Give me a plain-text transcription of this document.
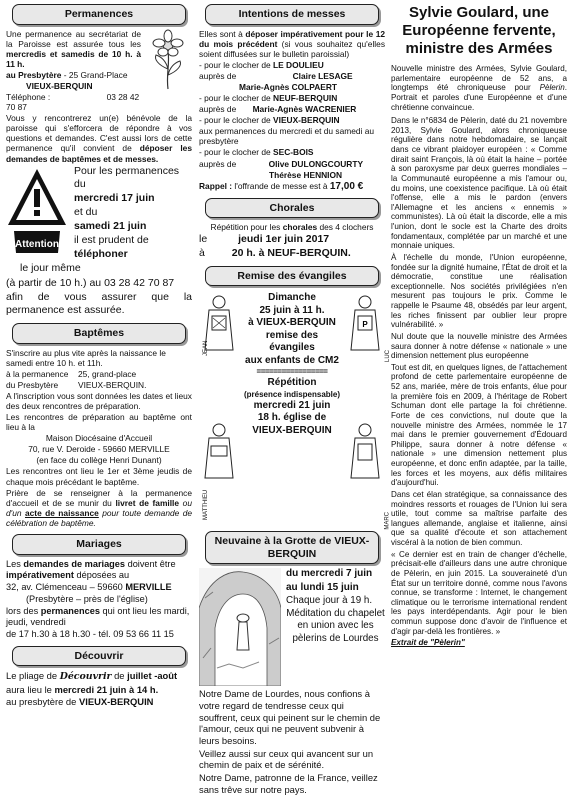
Permanences

Une permanence au secrétariat de la Paroisse est assurée tous les mercredis et samedis de 10 h. à 11 h.

au Presbytère - 25 Grand-Place

VIEUX-BERQUIN

Téléphone :	03 28 42 70 87

Vous y rencontrerez un(e) bénévole de la paroisse qui s'efforcera de répondre à vos questions et demandes. C'est aussi lors de cette permanence qu'il convient de déposer les demandes de baptêmes et de messes.

Attention

Pour les permanences du

mercredi 17 juin

et du

samedi 21 juin

il est prudent de

téléphoner

le jour même

(à partir de 10 h.) au 03 28 42 70 87

afin de vous assurer que la permanence est assurée.

Baptêmes

S'inscrire au plus vite après la naissance le samedi entre 10 h. et 11h.

à la permanence	25, grand-place

du Presbytère	VIEUX-BERQUIN.

A l'inscription vous sont données les dates et lieux des deux rencontres de préparation.

Les rencontres de préparation au baptême ont lieu à la

Maison Diocésaine d'Accueil

70, rue V. Deroide - 59660 MERVILLE

(en face du collège Henri Dunant)

Les rencontres ont lieu le 1er et 3ème jeudis de chaque mois précédant le baptême.

Prière de se renseigner à la permanence d'accueil et de se munir du livret de famille ou d'un acte de naissance pour toute demande de célébration de baptême.

Mariages

Les demandes de mariages doivent être impérativement déposées au

32, av. Clémenceau – 59660 MERVILLE

(Presbytère – près de l'église)

lors des permanences qui ont lieu les mardi, jeudi, vendredi

de 17 h.30 à 18 h.30 - tél. 09 53 66 11 15

Découvrir

Le pliage de Découvrir de juillet -août

aura lieu le mercredi 21 juin à 14 h.

au presbytère de VIEUX-BERQUIN

Intentions de messes

Elles sont à déposer impérativement pour le 12 du mois précédent (si vous souhaitez qu'elles soient diffusées sur le bulletin paroissial)

- pour le clocher de LE DOULIEU

auprès de	Claire LESAGE

Marie-Agnès COLPAERT

- pour le clocher de NEUF-BERQUIN

auprès de Marie-Agnès WACRENIER

- pour le clocher de VIEUX-BERQUIN

aux permanences du mercredi et du samedi au presbytère

- pour le clocher de SEC-BOIS

auprès de	Olive DULONGCOURTY

Thérèse HENNION

Rappel : l'offrande de messe est à 17,00 €

Chorales

Répétition pour les chorales des 4 clochers

le	jeudi 1er juin 2017

à	20 h. à NEUF-BERQUIN.

Remise des évangiles
JEAN
P
LUC
MATTHIEU
MARC
Dimanche
25 juin à 11 h.
à VIEUX-BERQUIN
remise des
évangiles
aux enfants de CM2
=================
Répétition
(présence indispensable)
mercredi 21 juin
18 h. église de
VIEUX-BERQUIN
Neuvaine à la Grotte de VIEUX-BERQUIN

du mercredi 7 juin

au lundi 15 juin

Chaque jour à 19 h.

Méditation du chapelet en union avec les pèlerins de Lourdes

Notre Dame de Lourdes, nous confions à votre regard de tendresse ceux qui souffrent, ceux qui peinent sur le chemin de l'amour, ceux qui ne peuvent subvenir à leurs besoins.

Veillez aussi sur ceux qui avancent sur un chemin de paix et de sérénité.

Notre Dame, patronne de la France, veillez sans trêve sur notre pays.

Sylvie Goulard, une Européenne fervente, ministre des Armées

Nouvelle ministre des Armées, Sylvie Goulard, parlementaire européenne de 52 ans, a longtemps été chroniqueuse pour Pèlerin. Portrait et paroles d'une Européenne et d'une chrétienne convaincue.

Dans le n°6834 de Pèlerin, daté du 21 novembre 2013, Sylvie Goulard, alors chroniqueuse régulière dans notre hebdomadaire, se lançait dans ce vibrant plaidoyer européen : « Comme dirait saint François, là où était la haine – portée à son paroxysme par deux guerres mondiales – la Communauté européenne a mis l'amour ou, du moins, une coexistence pacifique. Là où était l'offense, elle a mis le pardon (envers l'Allemagne et les anciens « ennemis » communistes). Là où était la discorde, elle a mis l'union, dont le socle est la Charte des droits fondamentaux, complétée par un marché et une monnaie uniques.

À l'échelle du monde, l'Union européenne, fondée sur la dignité humaine, l'État de droit et la démocratie, constitue une réalisation exceptionnelle. Nos sociétés privilégiées n'en mesurent pas toujours le prix. Comme le rappelle le Psaume 48, obsédés par leur argent, les riches finissent par oublier leur propre vulnérabilité. »

Nul doute que la nouvelle ministre des Armées saura donner à notre défense « nationale » une dimension nettement plus européenne

Tout est dit, en quelques lignes, de l'attachement profond de cette parlementaire européenne de 52 ans, mariée, mère de trois enfants, élue pour la première fois en 2009, à l'héritage de Robert Schuman dont elle partage la foi chrétienne. Forte de ces convictions, nul doute que la nouvelle ministre des Armées, nommée le 17 mai dans le premier gouvernement d'Édouard Philippe, saura donner à notre défense « nationale » une dimension nettement plus européenne, et donc enfin adaptée, par la taille, les forces et les moyens, aux défis militaires d'aujourd'hui.

Dans cet élan stratégique, sa connaissance des moindres ressorts et rouages de l'Union lui sera utile, tout comme sa maîtrise parfaite des langues allemande, anglaise et italienne, ainsi que sa qualité d'écoute et son attachement viscéral à la notion de bien commun.

« Ce dernier est en train de changer d'échelle, précisait-elle d'ailleurs dans une autre chronique de Pèlerin, en juin 2015. La souveraineté d'un État sur un territoire donné, comme nous l'avons connue, se transforme : Internet, le changement climatique ou le terrorisme international rendent les pays interdépendants. Agir pour le bien commun suppose donc d'avoir de l'influence et d'agir par-delà les frontières. »

Extrait de "Pèlerin"
